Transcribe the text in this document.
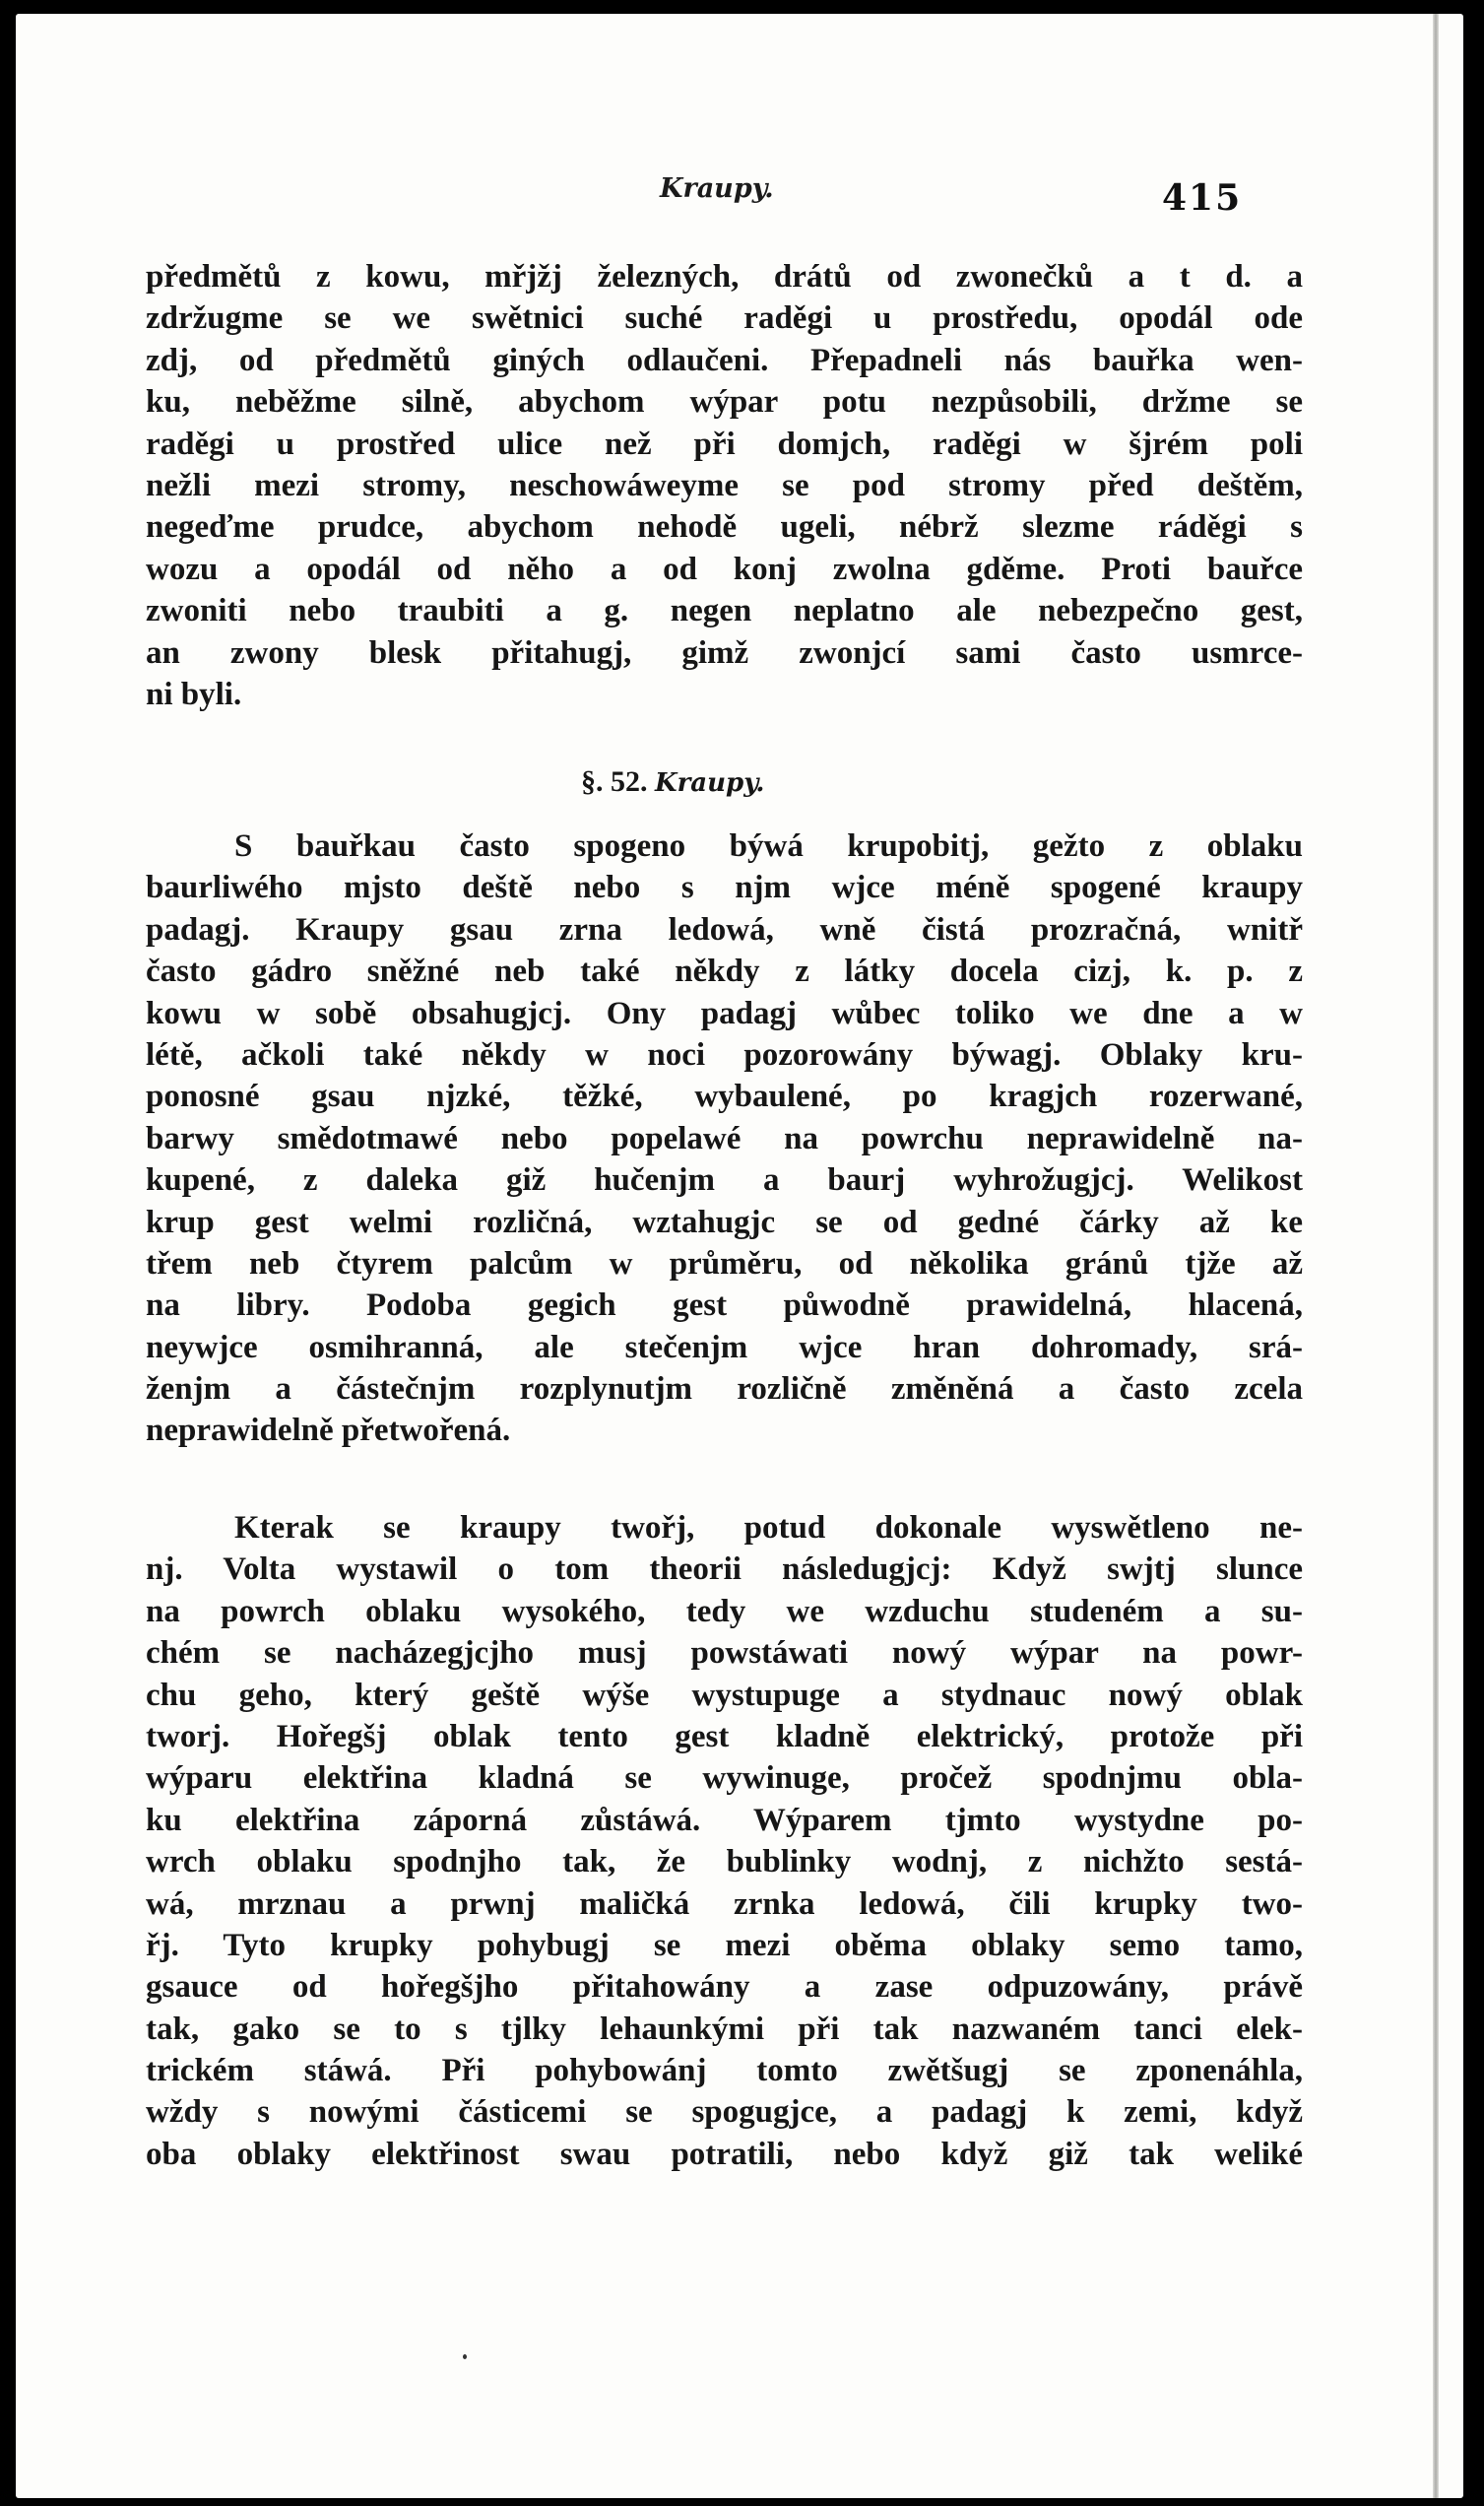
Kraupy.	415
předmětů z kowu, mřjžj železných, drátů od zwonečků a t d. a
zdržugme se we swětnici suché raděgi u prostředu, opodál ode
zdj, od předmětů giných odlaučeni. Přepadneli nás bauřka wen-
ku, neběžme silně, abychom wýpar potu nezpůsobili, držme se
raděgi u prostřed ulice než při domjch, raděgi w šjrém poli
nežli mezi stromy, neschowáweyme se pod stromy před deštěm,
negeďme prudce, abychom nehodě ugeli, nébrž slezme ráděgi s
wozu a opodál od něho a od konj zwolna gděme. Proti bauřce
zwoniti nebo traubiti a g. negen neplatno ale nebezpečno gest,
an zwony blesk přitahugj, gimž zwonjcí sami často usmrce-
ni byli.
§. 52. Kraupy.
S bauřkau často spogeno býwá krupobitj, gežto z oblaku
baurliwého mjsto deště nebo s njm wjce méně spogené kraupy
padagj. Kraupy gsau zrna ledowá, wně čistá prozračná, wnitř
často gádro sněžné neb také někdy z látky docela cizj, k. p. z
kowu w sobě obsahugjcj. Ony padagj wůbec toliko we dne a w
létě, ačkoli také někdy w noci pozorowány býwagj. Oblaky kru-
ponosné gsau njzké, těžké, wybaulené, po kragjch rozerwané,
barwy smědotmawé nebo popelawé na powrchu neprawidelně na-
kupené, z daleka giž hučenjm a baurj wyhrožugjcj. Welikost
krup gest welmi rozličná, wztahugjc se od gedné čárky až ke
třem neb čtyrem palcům w průměru, od několika gránů tjže až
na libry. Podoba gegich gest půwodně prawidelná, hlacená,
neywjce osmihranná, ale stečenjm wjce hran dohromady, srá-
ženjm a částečnjm rozplynutjm rozličně změněná a často zcela
neprawidelně přetwořená.
Kterak se kraupy twořj, potud dokonale wyswětleno ne-
nj. Volta wystawil o tom theorii následugjcj: Když swjtj slunce
na powrch oblaku wysokého, tedy we wzduchu studeném a su-
chém se nacházegjcjho musj powstáwati nowý wýpar na powr-
chu geho, který geště wýše wystupuge a stydnauc nowý oblak
tworj. Hořegšj oblak tento gest kladně elektrický, protože při
wýparu elektřina kladná se wywinuge, pročež spodnjmu obla-
ku elektřina záporná zůstáwá. Wýparem tjmto wystydne po-
wrch oblaku spodnjho tak, že bublinky wodnj, z nichžto sestá-
wá, mrznau a prwnj maličká zrnka ledowá, čili krupky two-
řj. Tyto krupky pohybugj se mezi oběma oblaky semo tamo,
gsauce od hořegšjho přitahowány a zase odpuzowány, právě
tak, gako se to s tjlky lehaunkými při tak nazwaném tanci elek-
trickém stáwá. Při pohybowánj tomto zwětšugj se zponenáhla,
wždy s nowými částicemi se spogugjce, a padagj k zemi, když
oba oblaky elektřinost swau potratili, nebo když giž tak weliké
